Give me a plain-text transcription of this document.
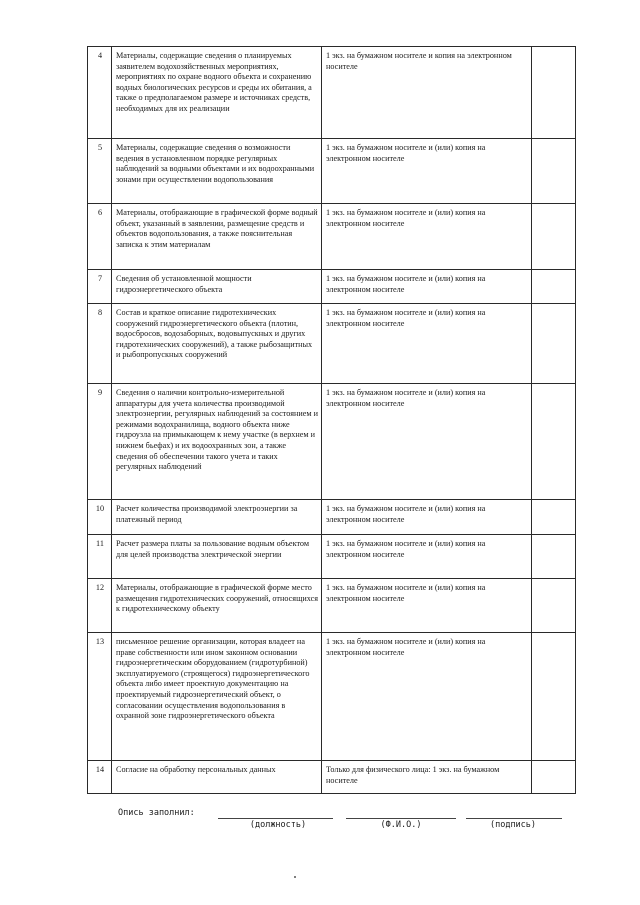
4	Материалы, содержащие сведения о планируемых заявителем водохозяйственных мероприятиях, мероприятиях по охране водного объекта и сохранению водных биологических ресурсов и среды их обитания, а также о предполагаемом размере и источниках средств, необходимых для их реализации	1 экз. на бумажном носителе и копия на электронном носителе	
5	Материалы, содержащие сведения о возможности ведения в установленном порядке регулярных наблюдений за водными объектами и их водоохранными зонами при осуществлении водопользования	1 экз. на бумажном носителе и (или) копия на электронном носителе	
6	Материалы, отображающие в графической форме водный объект, указанный в заявлении, размещение средств и объектов водопользования, а также пояснительная записка к этим материалам	1 экз. на бумажном носителе и (или) копия на электронном носителе	
7	Сведения об установленной мощности гидроэнергетического объекта	1 экз. на бумажном носителе и (или) копия на электронном носителе	
8	Состав и краткое описание гидротехнических сооружений гидроэнергетического объекта (плотин, водосбросов, водозаборных, водовыпускных и других гидротехнических сооружений), а также рыбозащитных и рыбопропускных сооружений	1 экз. на бумажном носителе и (или) копия на электронном носителе	
9	Сведения о наличии контрольно-измерительной аппаратуры для учета количества производимой электроэнергии, регулярных наблюдений за состоянием и режимами водохранилища, водного объекта ниже гидроузла на примыкающем к нему участке (в верхнем и нижнем бьефах) и их водоохранных зон, а также сведения об обеспечении такого учета и таких регулярных наблюдений	1 экз. на бумажном носителе и (или) копия на электронном носителе	
10	Расчет количества производимой электроэнергии за платежный период	1 экз. на бумажном носителе и (или) копия на электронном носителе	
11	Расчет размера платы за пользование водным объектом для целей производства электрической энергии	1 экз. на бумажном носителе и (или) копия на электронном носителе	
12	Материалы, отображающие в графической форме место размещения гидротехнических сооружений, относящихся к гидротехническому объекту	1 экз. на бумажном носителе и (или) копия на электронном носителе	
13	письменное решение организации, которая владеет на праве собственности или ином законном основании гидроэнергетическим оборудованием (гидротурбиной) эксплуатируемого (строящегося) гидроэнергетического объекта либо имеет проектную документацию на проектируемый гидроэнергетический объект, о согласовании осуществления водопользования в охранной зоне гидроэнергетического объекта	1 экз. на бумажном носителе и (или) копия на электронном носителе	
14	Согласие на обработку персональных данных	Только для физического лица: 1 экз. на бумажном носителе	
Опись заполнил:
(должность)	(Ф.И.О.)	(подпись)
